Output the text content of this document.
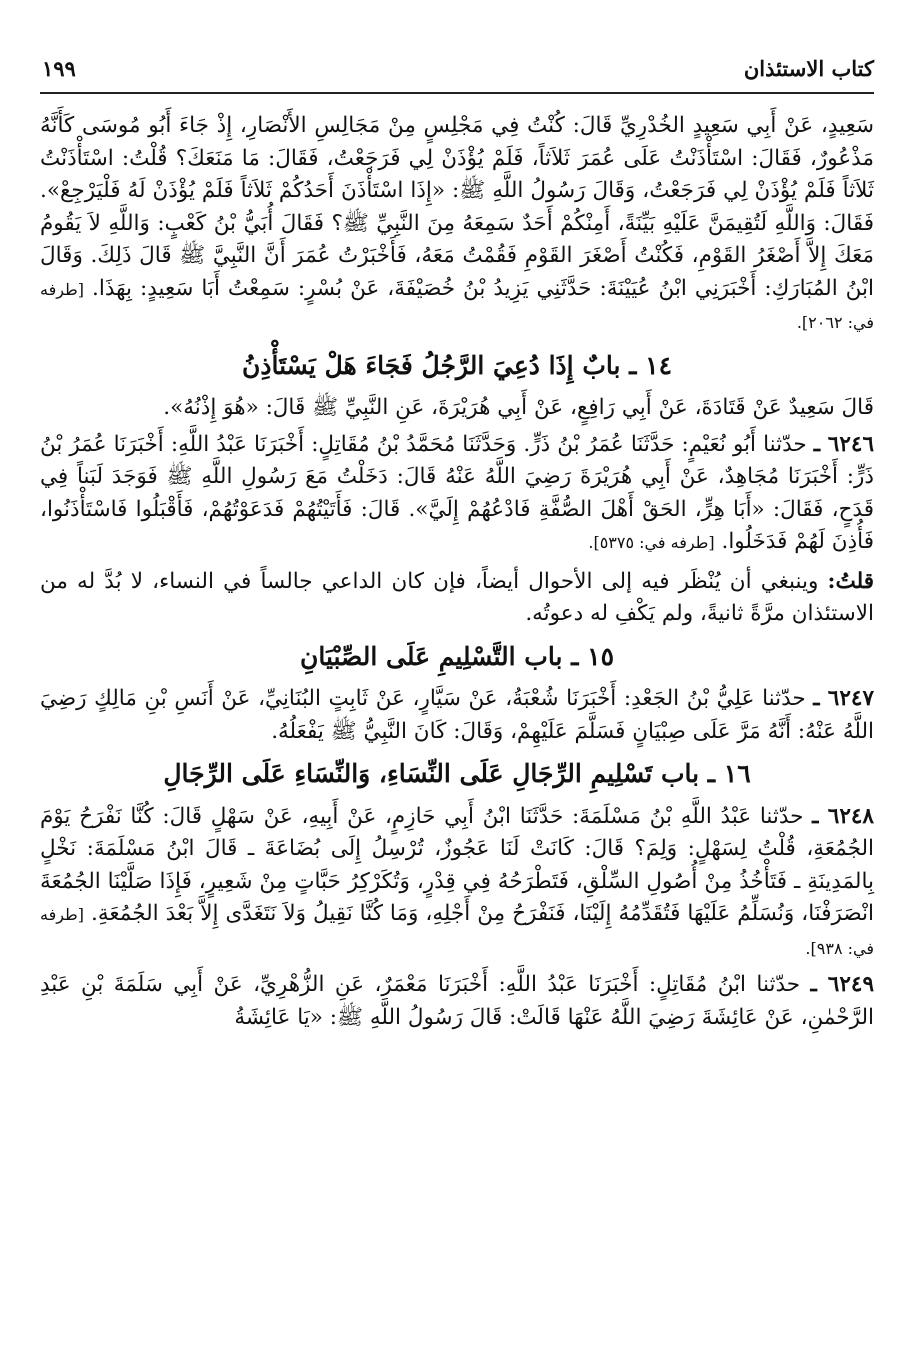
كتاب الاستئذان
١٩٩

سَعِيدٍ، عَنْ أَبِي سَعِيدٍ الخُدْرِيِّ قَالَ: كُنْتُ فِي مَجْلِسٍ مِنْ مَجَالِسِ الأَنْصَارِ، إِذْ جَاءَ أَبُو مُوسَى كَأَنَّهُ مَذْعُورٌ، فَقَالَ: اسْتَأْذَنْتُ عَلَى عُمَرَ ثَلاَثاً، فَلَمْ يُؤْذَنْ لِي فَرَجَعْتُ، فَقَالَ: مَا مَنَعَكَ؟ قُلْتُ: اسْتَأْذَنْتُ ثَلاَثاً فَلَمْ يُؤْذَنْ لِي فَرَجَعْتُ، وَقَالَ رَسُولُ اللَّهِ ﷺ: «إِذَا اسْتَأْذَنَ أَحَدُكُمْ ثَلاَثاً فَلَمْ يُؤْذَنْ لَهُ فَلْيَرْجِعْ». فَقَالَ: وَاللَّهِ لَتُقِيمَنَّ عَلَيْهِ بَيِّنَةً، أَمِنْكُمْ أَحَدٌ سَمِعَهُ مِنَ النَّبِيِّ ﷺ؟ فَقَالَ أُبَيُّ بْنُ كَعْبٍ: وَاللَّهِ لاَ يَقُومُ مَعَكَ إِلاَّ أَصْغَرُ القَوْمِ، فَكُنْتُ أَصْغَرَ القَوْمِ فَقُمْتُ مَعَهُ، فَأَخْبَرْتُ عُمَرَ أَنَّ النَّبِيَّ ﷺ قَالَ ذَلِكَ. وَقَالَ ابْنُ المُبَارَكِ: أَخْبَرَنِي ابْنُ عُيَيْنَةَ: حَدَّثَنِي يَزِيدُ بْنُ خُصَيْفَةَ، عَنْ بُسْرٍ: سَمِعْتُ أَبَا سَعِيدٍ: بِهَذَا. [طرفه في: ٢٠٦٢].

١٤ ـ بابٌ إِذَا دُعِيَ الرَّجُلُ فَجَاءَ هَلْ يَسْتَأْذِنُ

قَالَ سَعِيدٌ عَنْ قَتَادَةَ، عَنْ أَبِي رَافِعٍ، عَنْ أَبِي هُرَيْرَةَ، عَنِ النَّبِيِّ ﷺ قَالَ: «هُوَ إِذْنُهُ».

٦٢٤٦ ـ حدّثنا أَبُو نُعَيْمٍ: حَدَّثَنَا عُمَرُ بْنُ ذَرٍّ. وَحَدَّثَنَا مُحَمَّدُ بْنُ مُقَاتِلٍ: أَخْبَرَنَا عَبْدُ اللَّهِ: أَخْبَرَنَا عُمَرُ بْنُ ذَرٍّ: أَخْبَرَنَا مُجَاهِدٌ، عَنْ أَبِي هُرَيْرَةَ رَضِيَ اللَّهُ عَنْهُ قَالَ: دَخَلْتُ مَعَ رَسُولِ اللَّهِ ﷺ فَوَجَدَ لَبَناً فِي قَدَحٍ، فَقَالَ: «أَبَا هِرٍّ، الحَقْ أَهْلَ الصُّفَّةِ فَادْعُهُمْ إِلَيَّ». قَالَ: فَأَتَيْتُهُمْ فَدَعَوْتُهُمْ، فَأَقْبَلُوا فَاسْتَأْذَنُوا، فَأُذِنَ لَهُمْ فَدَخَلُوا. [طرفه في: ٥٣٧٥].

قلتُ: وينبغي أن يُنْظَر فيه إلى الأحوال أيضاً، فإن كان الداعي جالساً في النساء، لا بُدَّ له من الاستئذان مرَّةً ثانيةً، ولم يَكْفِ له دعوتُه.

١٥ ـ باب التَّسْلِيمِ عَلَى الصِّبْيَانِ

٦٢٤٧ ـ حدّثنا عَلِيُّ بْنُ الجَعْدِ: أَخْبَرَنَا شُعْبَةُ، عَنْ سَيَّارٍ، عَنْ ثَابِتٍ البُنَانِيِّ، عَنْ أَنَسِ بْنِ مَالِكٍ رَضِيَ اللَّهُ عَنْهُ: أَنَّهُ مَرَّ عَلَى صِبْيَانٍ فَسَلَّمَ عَلَيْهِمْ، وَقَالَ: كَانَ النَّبِيُّ ﷺ يَفْعَلُهُ.

١٦ ـ باب تَسْلِيمِ الرِّجَالِ عَلَى النِّسَاءِ، وَالنِّسَاءِ عَلَى الرِّجَالِ

٦٢٤٨ ـ حدّثنا عَبْدُ اللَّهِ بْنُ مَسْلَمَةَ: حَدَّثَنَا ابْنُ أَبِي حَازِمٍ، عَنْ أَبِيهِ، عَنْ سَهْلٍ قَالَ: كُنَّا نَفْرَحُ يَوْمَ الجُمُعَةِ، قُلْتُ لِسَهْلٍ: وَلِمَ؟ قَالَ: كَانَتْ لَنَا عَجُوزٌ، تُرْسِلُ إِلَى بُضَاعَةَ ـ قَالَ ابْنُ مَسْلَمَةَ: نَخْلٍ بِالمَدِينَةِ ـ فَتَأْخُذُ مِنْ أُصُولِ السِّلْقِ، فَتَطْرَحُهُ فِي قِدْرٍ، وَتُكَرْكِرُ حَبَّاتٍ مِنْ شَعِيرٍ، فَإِذَا صَلَّيْنَا الجُمُعَةَ انْصَرَفْنَا، وَنُسَلِّمُ عَلَيْهَا فَتُقَدِّمُهُ إِلَيْنَا، فَنَفْرَحُ مِنْ أَجْلِهِ، وَمَا كُنَّا نَقِيلُ وَلاَ نَتَغَدَّى إِلاَّ بَعْدَ الجُمُعَةِ. [طرفه في: ٩٣٨].

٦٢٤٩ ـ حدّثنا ابْنُ مُقَاتِلٍ: أَخْبَرَنَا عَبْدُ اللَّهِ: أَخْبَرَنَا مَعْمَرٌ، عَنِ الزُّهْرِيِّ، عَنْ أَبِي سَلَمَةَ بْنِ عَبْدِ الرَّحْمٰنِ، عَنْ عَائِشَةَ رَضِيَ اللَّهُ عَنْهَا قَالَتْ: قَالَ رَسُولُ اللَّهِ ﷺ: «يَا عَائِشَةُ
